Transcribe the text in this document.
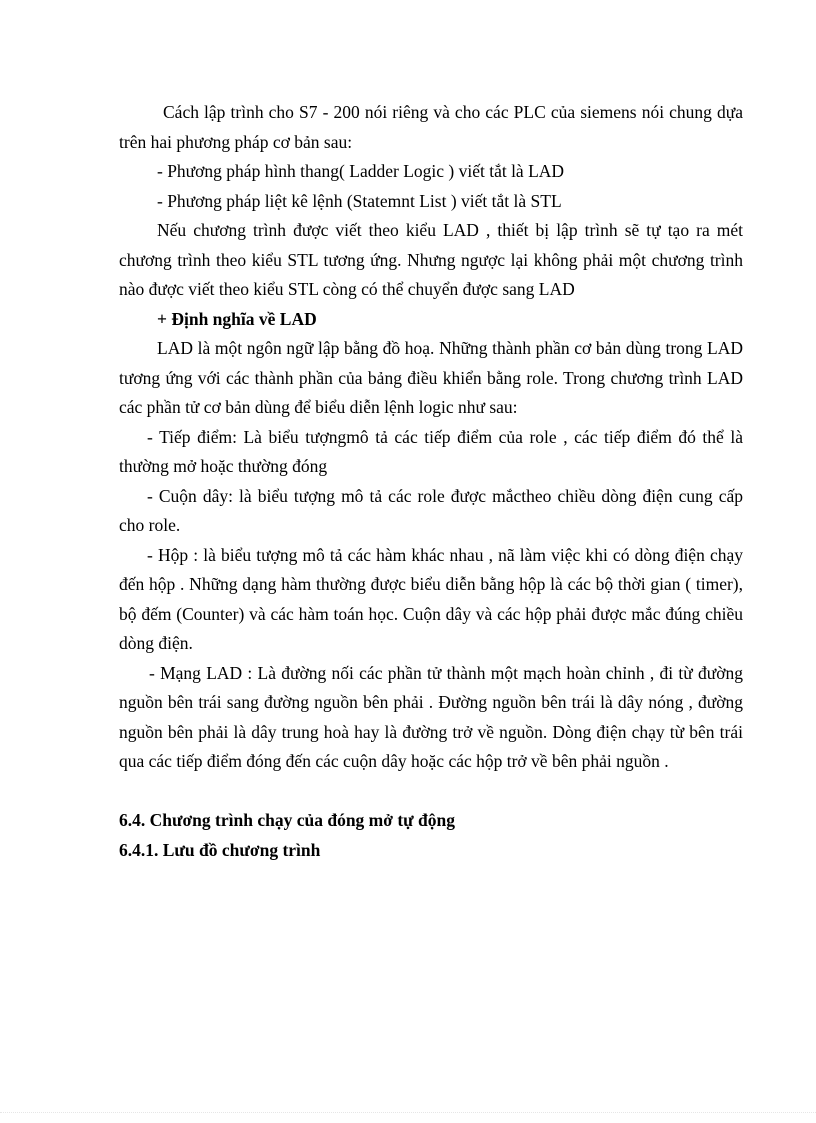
Cách lập trình cho S7 - 200 nói riêng và cho các PLC của siemens nói chung dựa trên hai phương pháp cơ bản sau:

- Phương pháp hình thang( Ladder Logic ) viết tắt là LAD

- Phương pháp liệt kê lệnh (Statemnt List ) viết tắt là STL

Nếu chương trình được viết theo kiểu LAD , thiết bị lập trình sẽ tự tạo ra mét chương trình theo kiểu STL tương ứng. Nhưng ngược lại không phải một chương trình nào được viết theo kiểu STL còng có thể chuyển được sang LAD

+ Định nghĩa về LAD

LAD là một ngôn ngữ lập bằng đồ hoạ. Những thành phần cơ bản dùng trong LAD tương ứng với các thành phần của bảng điều khiển bằng role. Trong chương trình LAD các phần tử cơ bản dùng để biểu diễn lệnh logic như sau:

- Tiếp điểm: Là biểu tượngmô tả các tiếp điểm của role , các tiếp điểm đó thể là thường mở hoặc thường đóng

- Cuộn dây: là biểu tượng mô tả các role được mắctheo chiều dòng điện cung cấp cho role.

- Hộp : là biểu tượng mô tả các hàm khác nhau , nã làm việc khi có dòng điện chạy đến hộp . Những dạng hàm thường được biểu diễn bằng hộp là các bộ thời gian ( timer), bộ đếm (Counter) và các hàm toán học. Cuộn dây và các hộp phải được mắc đúng chiều dòng điện.

- Mạng LAD : Là đường nối các phần tử thành một mạch hoàn chỉnh , đi từ đường nguồn bên trái sang đường nguồn bên phải . Đường nguồn bên trái là dây nóng , đường nguồn bên phải là dây trung hoà hay là đường trở về nguồn. Dòng điện chạy từ bên trái qua các tiếp điểm đóng đến các cuộn dây hoặc các hộp trở về bên phải nguồn .

6.4. Chương trình chạy của đóng mở tự động

6.4.1. Lưu đồ chương trình
